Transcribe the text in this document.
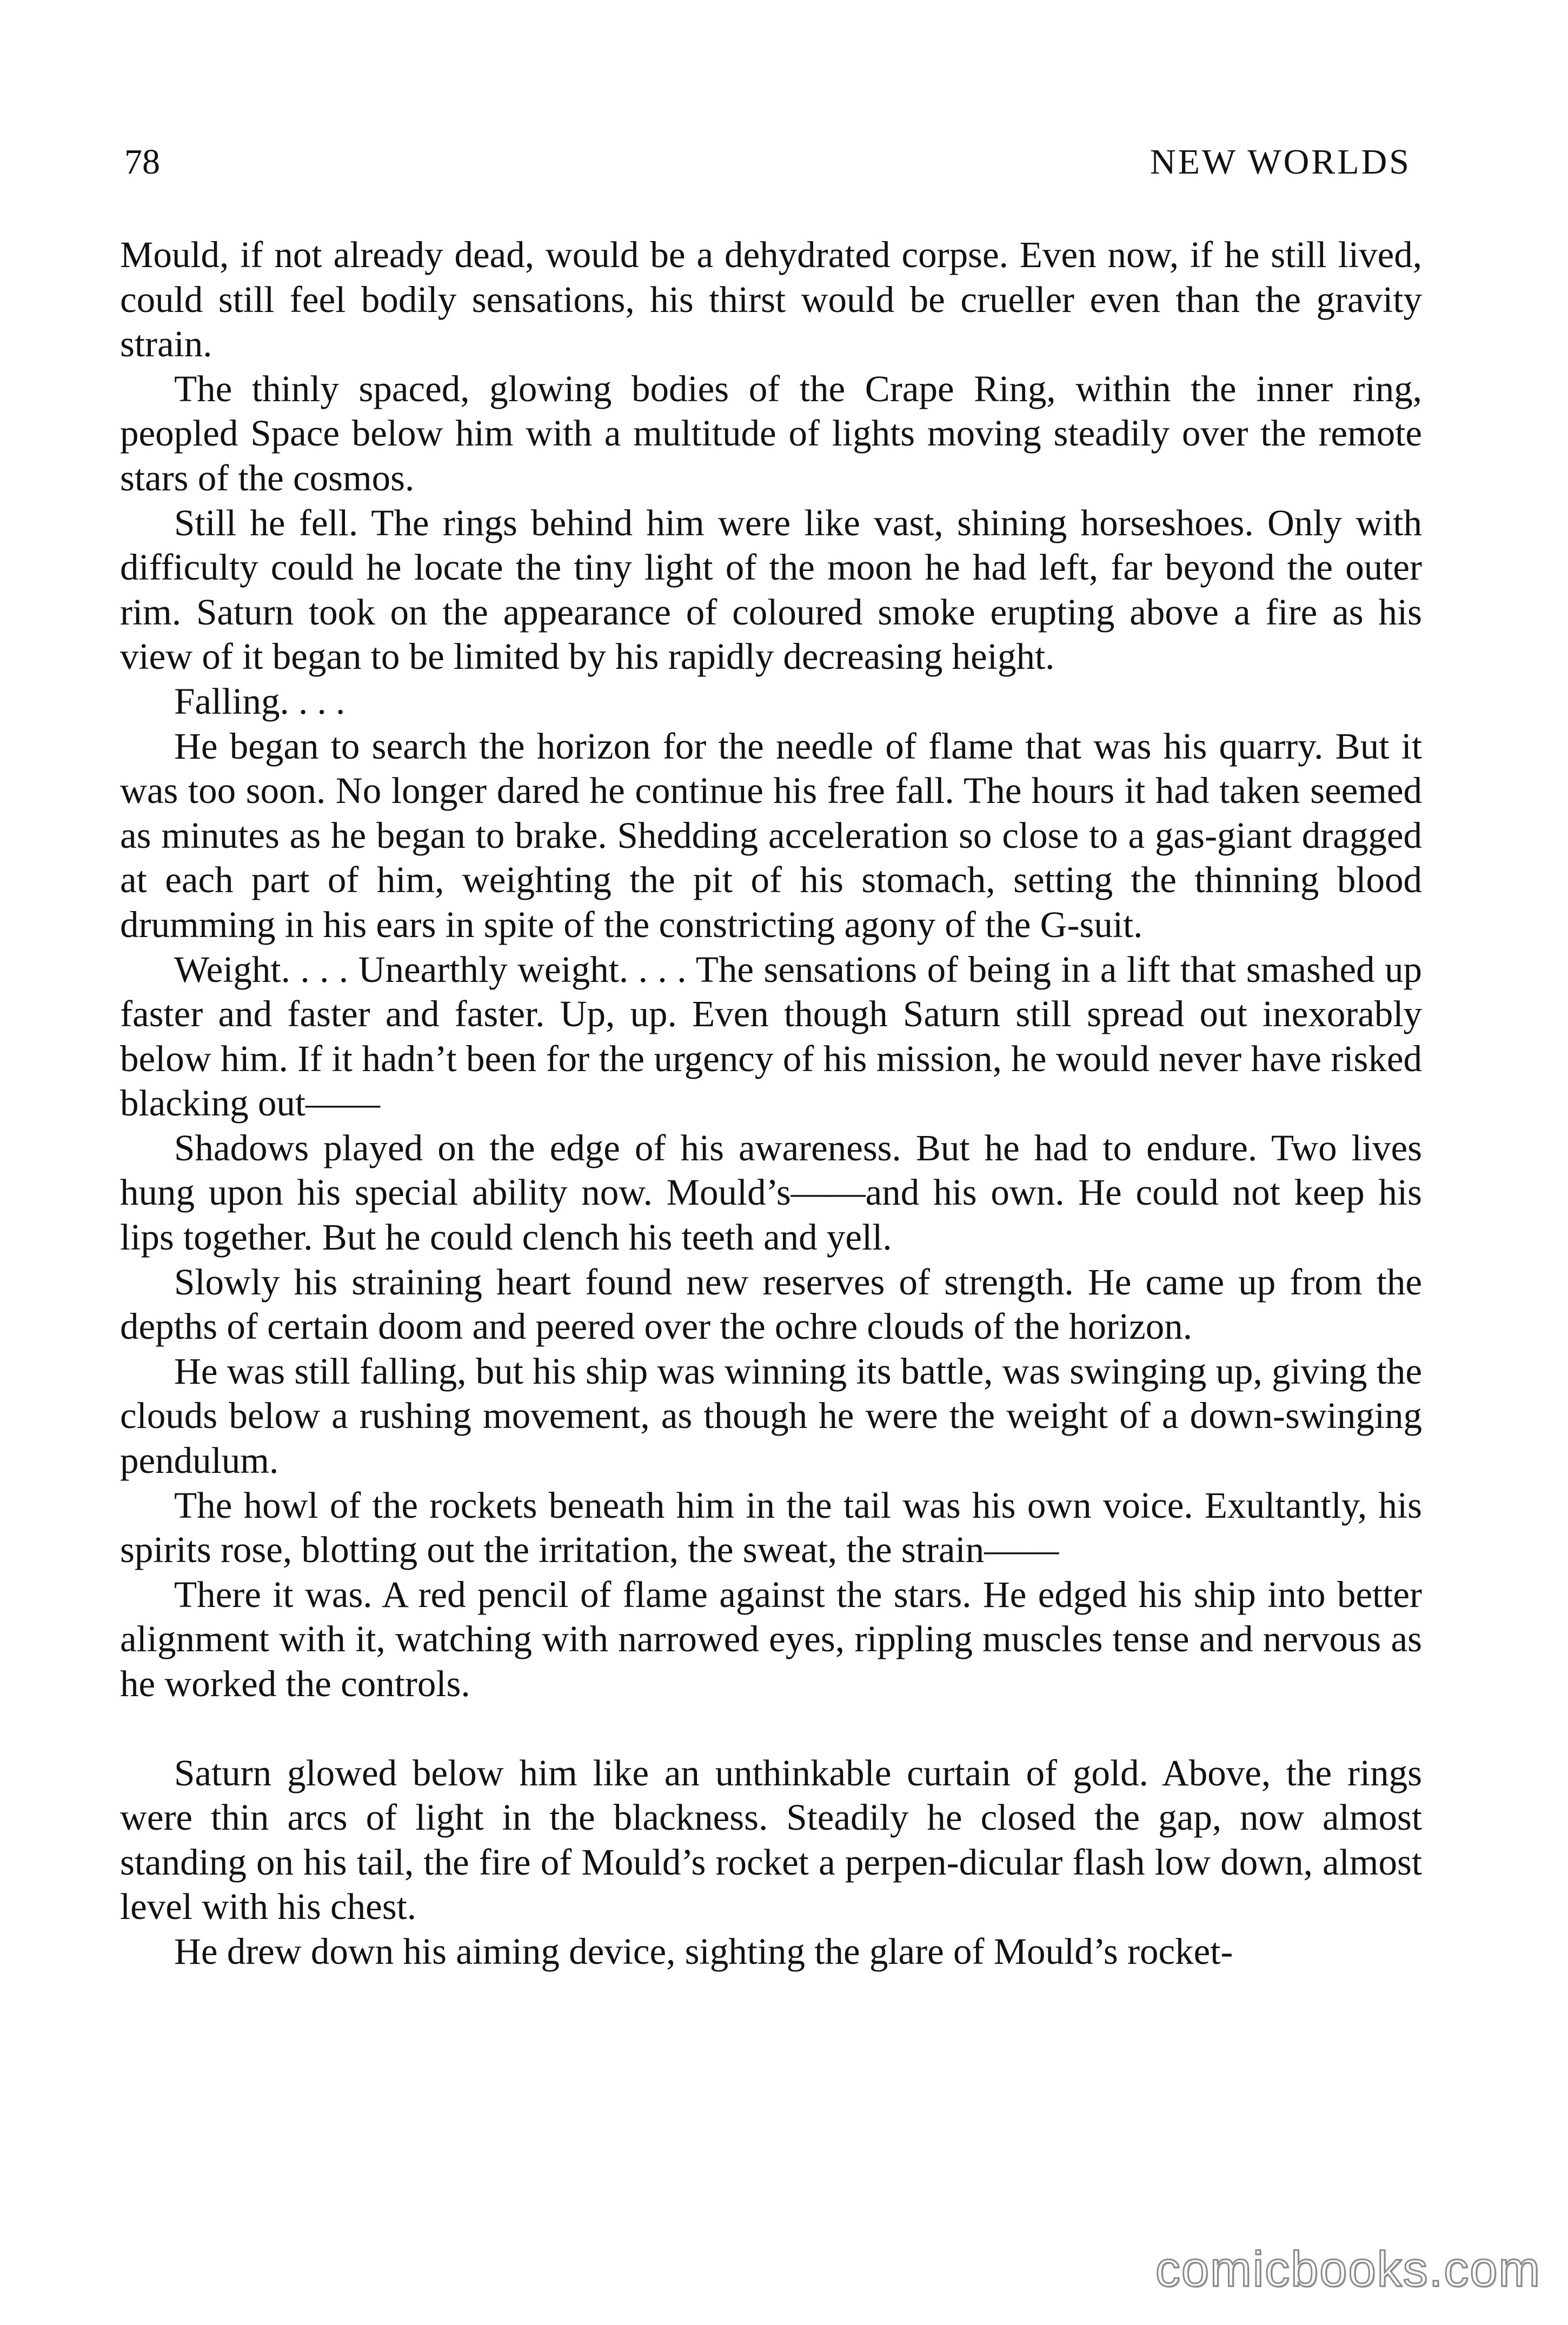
78	NEW WORLDS

Mould, if not already dead, would be a dehydrated corpse. Even now, if he still lived, could still feel bodily sensations, his thirst would be crueller even than the gravity strain.

The thinly spaced, glowing bodies of the Crape Ring, within the inner ring, peopled Space below him with a multitude of lights moving steadily over the remote stars of the cosmos.

Still he fell. The rings behind him were like vast, shining horseshoes. Only with difficulty could he locate the tiny light of the moon he had left, far beyond the outer rim. Saturn took on the appearance of coloured smoke erupting above a fire as his view of it began to be limited by his rapidly decreasing height.

Falling. . . .

He began to search the horizon for the needle of flame that was his quarry. But it was too soon. No longer dared he continue his free fall. The hours it had taken seemed as minutes as he began to brake. Shedding acceleration so close to a gas-giant dragged at each part of him, weighting the pit of his stomach, setting the thinning blood drumming in his ears in spite of the constricting agony of the G-suit.

Weight. . . . Unearthly weight. . . . The sensations of being in a lift that smashed up faster and faster and faster. Up, up. Even though Saturn still spread out inexorably below him. If it hadn’t been for the urgency of his mission, he would never have risked blacking out——

Shadows played on the edge of his awareness. But he had to endure. Two lives hung upon his special ability now. Mould’s——and his own. He could not keep his lips together. But he could clench his teeth and yell.

Slowly his straining heart found new reserves of strength. He came up from the depths of certain doom and peered over the ochre clouds of the horizon.

He was still falling, but his ship was winning its battle, was swinging up, giving the clouds below a rushing movement, as though he were the weight of a down-swinging pendulum.

The howl of the rockets beneath him in the tail was his own voice. Exultantly, his spirits rose, blotting out the irritation, the sweat, the strain——

There it was. A red pencil of flame against the stars. He edged his ship into better alignment with it, watching with narrowed eyes, rippling muscles tense and nervous as he worked the controls.

Saturn glowed below him like an unthinkable curtain of gold. Above, the rings were thin arcs of light in the blackness. Steadily he closed the gap, now almost standing on his tail, the fire of Mould’s rocket a perpen-dicular flash low down, almost level with his chest.

He drew down his aiming device, sighting the glare of Mould’s rocket-

comicbooks.com
